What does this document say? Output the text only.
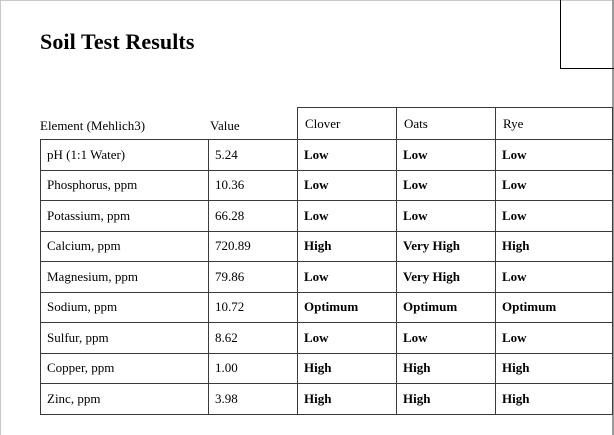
Soil Test Results
Element (Mehlich3)	Value	Clover	Oats	Rye
pH (1:1 Water)	5.24	Low	Low	Low
Phosphorus, ppm	10.36	Low	Low	Low
Potassium, ppm	66.28	Low	Low	Low
Calcium, ppm	720.89	High	Very High	High
Magnesium, ppm	79.86	Low	Very High	Low
Sodium, ppm	10.72	Optimum	Optimum	Optimum
Sulfur, ppm	8.62	Low	Low	Low
Copper, ppm	1.00	High	High	High
Zinc, ppm	3.98	High	High	High
